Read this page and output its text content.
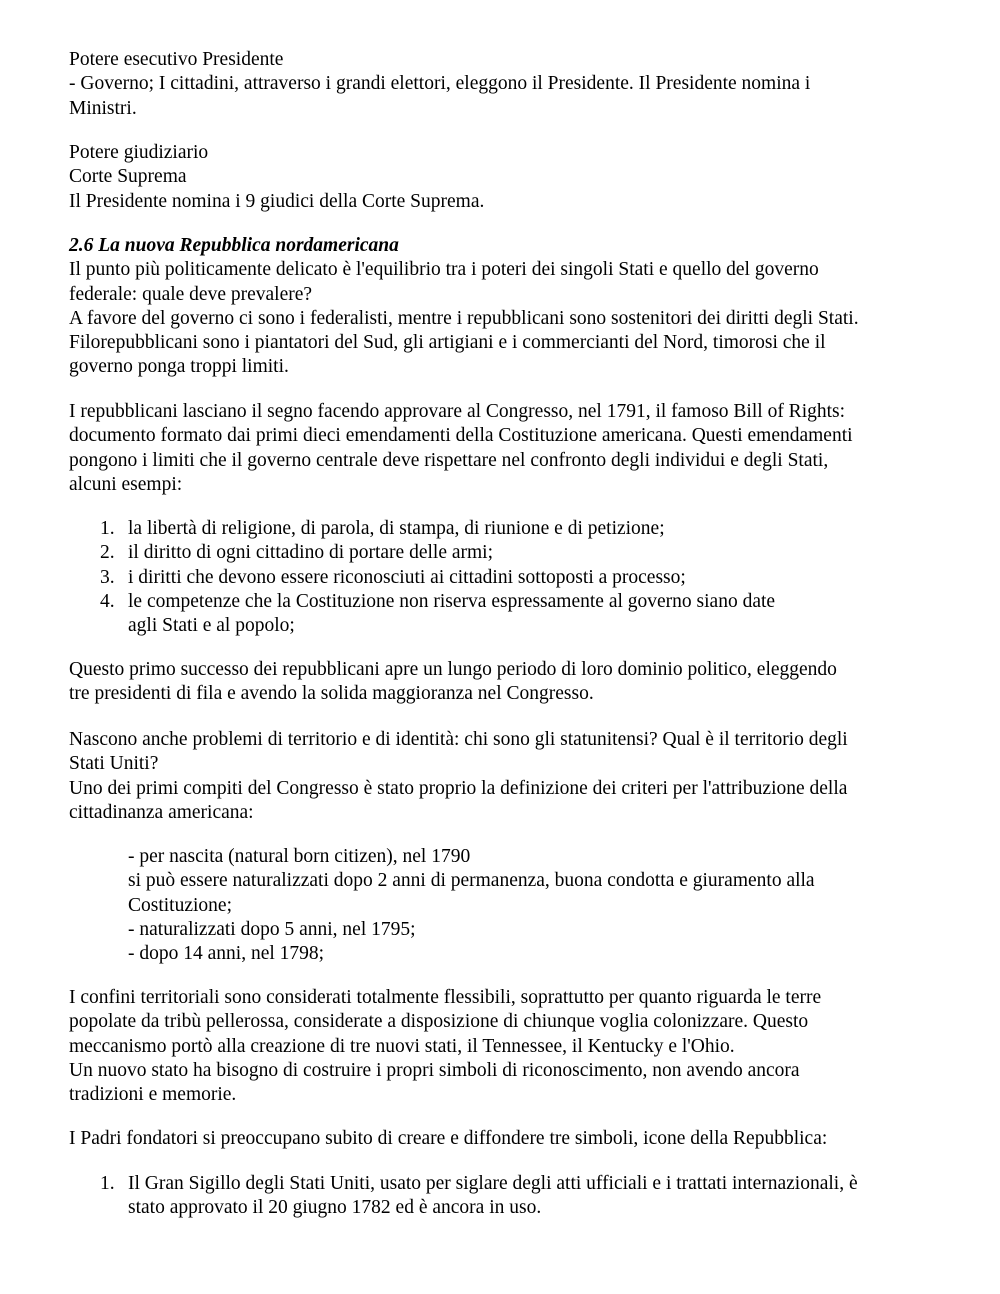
Potere esecutivo Presidente
- Governo; I cittadini, attraverso i grandi elettori, eleggono il Presidente. Il Presidente nomina i
Ministri.
Potere giudiziario
Corte Suprema
Il Presidente nomina i 9 giudici della Corte Suprema.
2.6 La nuova Repubblica nordamericana
Il punto più politicamente delicato è l'equilibrio tra i poteri dei singoli Stati e quello del governo
federale: quale deve prevalere?
A favore del governo ci sono i federalisti, mentre i repubblicani sono sostenitori dei diritti degli Stati.
Filorepubblicani sono i piantatori del Sud, gli artigiani e i commercianti del Nord, timorosi che il
governo ponga troppi limiti.
I repubblicani lasciano il segno facendo approvare al Congresso, nel 1791, il famoso Bill of Rights:
documento formato dai primi dieci emendamenti della Costituzione americana. Questi emendamenti
pongono i limiti che il governo centrale deve rispettare nel confronto degli individui e degli Stati,
alcuni esempi:
1. la libertà di religione, di parola, di stampa, di riunione e di petizione;
2. il diritto di ogni cittadino di portare delle armi;
3. i diritti che devono essere riconosciuti ai cittadini sottoposti a processo;
4. le competenze che la Costituzione non riserva espressamente al governo siano date
agli Stati e al popolo;
Questo primo successo dei repubblicani apre un lungo periodo di loro dominio politico, eleggendo
tre presidenti di fila e avendo la solida maggioranza nel Congresso.
Nascono anche problemi di territorio e di identità: chi sono gli statunitensi? Qual è il territorio degli
Stati Uniti?
Uno dei primi compiti del Congresso è stato proprio la definizione dei criteri per l'attribuzione della
cittadinanza americana:
- per nascita (natural born citizen), nel 1790
si può essere naturalizzati dopo 2 anni di permanenza, buona condotta e giuramento alla
Costituzione;
- naturalizzati dopo 5 anni, nel 1795;
- dopo 14 anni, nel 1798;
I confini territoriali sono considerati totalmente flessibili, soprattutto per quanto riguarda le terre
popolate da tribù pellerossa, considerate a disposizione di chiunque voglia colonizzare. Questo
meccanismo portò alla creazione di tre nuovi stati, il Tennessee, il Kentucky e l'Ohio.
Un nuovo stato ha bisogno di costruire i propri simboli di riconoscimento, non avendo ancora
tradizioni e memorie.
I Padri fondatori si preoccupano subito di creare e diffondere tre simboli, icone della Repubblica:
1. Il Gran Sigillo degli Stati Uniti, usato per siglare degli atti ufficiali e i trattati internazionali, è
stato approvato il 20 giugno 1782 ed è ancora in uso.
